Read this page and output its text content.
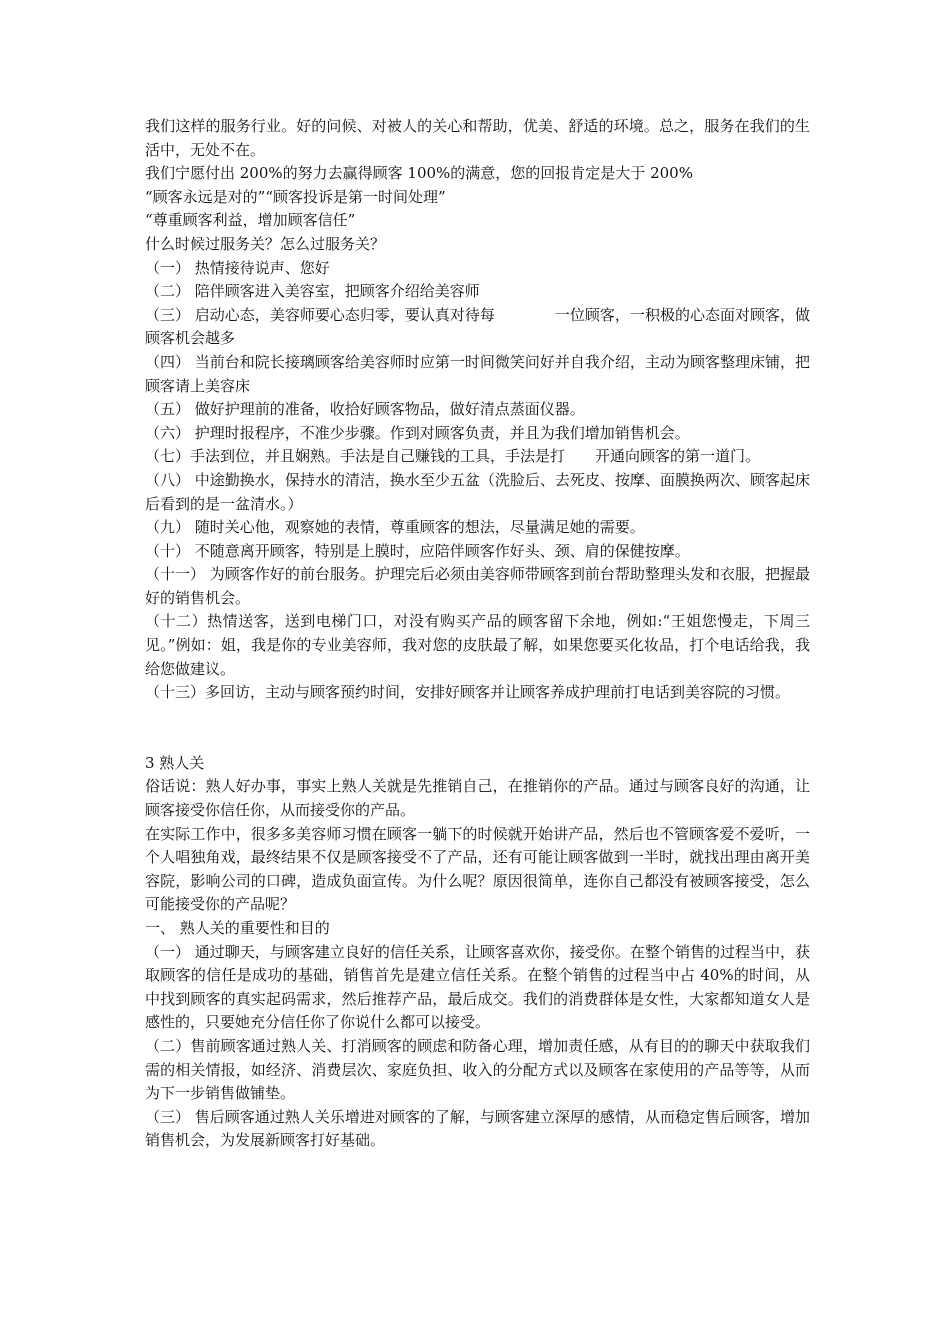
我们这样的服务行业。好的问候、对被人的关心和帮助，优美、舒适的环境。总之，服务在我们的生活中，无处不在。

我们宁愿付出 200%的努力去赢得顾客 100%的满意，您的回报肯定是大于 200%

“顾客永远是对的”“顾客投诉是第一时间处理”

“尊重顾客利益，增加顾客信任”

什么时候过服务关？怎么过服务关？

（一） 热情接待说声、您好

（二） 陪伴顾客进入美容室，把顾客介绍给美容师

（三） 启动心态，美容师要心态归零，要认真对待每　　　　一位顾客，一积极的心态面对顾客，做顾客机会越多

（四） 当前台和院长接璃顾客给美容师时应第一时间微笑问好并自我介绍，主动为顾客整理床铺，把顾客请上美容床

（五） 做好护理前的准备，收拾好顾客物品，做好清点蒸面仪器。

（六） 护理时报程序，不准少步骤。作到对顾客负责，并且为我们增加销售机会。

（七）手法到位，并且娴熟。手法是自己赚钱的工具，手法是打　　开通向顾客的第一道门。

（八） 中途勤换水，保持水的清洁，换水至少五盆（洗脸后、去死皮、按摩、面膜换两次、顾客起床后看到的是一盆清水。）

（九） 随时关心他，观察她的表情，尊重顾客的想法，尽量满足她的需要。

（十） 不随意离开顾客，特别是上膜时，应陪伴顾客作好头、颈、肩的保健按摩。

（十一） 为顾客作好的前台服务。护理完后必须由美容师带顾客到前台帮助整理头发和衣服，把握最好的销售机会。

（十二）热情送客，送到电梯门口，对没有购买产品的顾客留下余地，例如:“王姐您慢走，下周三见。”例如：姐，我是你的专业美容师，我对您的皮肤最了解，如果您要买化妆品，打个电话给我，我给您做建议。

（十三）多回访，主动与顾客预约时间，安排好顾客并让顾客养成护理前打电话到美容院的习惯。

3 熟人关

俗话说：熟人好办事，事实上熟人关就是先推销自己，在推销你的产品。通过与顾客良好的沟通，让顾客接受你信任你，从而接受你的产品。

在实际工作中，很多多美容师习惯在顾客一躺下的时候就开始讲产品，然后也不管顾客爱不爱听，一个人唱独角戏，最终结果不仅是顾客接受不了产品，还有可能让顾客做到一半时，就找出理由离开美容院，影响公司的口碑，造成负面宣传。为什么呢？原因很简单，连你自己都没有被顾客接受，怎么可能接受你的产品呢？

一、 熟人关的重要性和目的

（一） 通过聊天，与顾客建立良好的信任关系，让顾客喜欢你，接受你。在整个销售的过程当中，获取顾客的信任是成功的基础，销售首先是建立信任关系。在整个销售的过程当中占 40%的时间，从中找到顾客的真实起码需求，然后推荐产品，最后成交。我们的消费群体是女性，大家都知道女人是感性的，只要她充分信任你了你说什么都可以接受。

（二）售前顾客通过熟人关、打消顾客的顾虑和防备心理，增加责任感，从有目的的聊天中获取我们需的相关情报，如经济、消费层次、家庭负担、收入的分配方式以及顾客在家使用的产品等等，从而为下一步销售做铺垫。

（三） 售后顾客通过熟人关乐增进对顾客的了解，与顾客建立深厚的感情，从而稳定售后顾客，增加销售机会，为发展新顾客打好基础。
